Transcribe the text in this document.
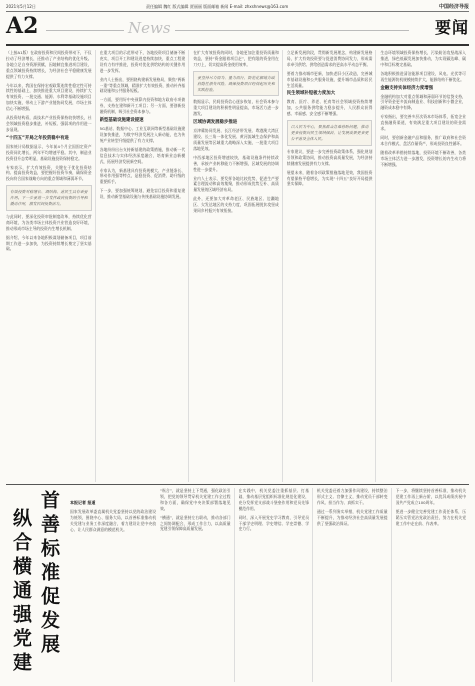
2021年5月12日	责任编辑 魏红 版式编辑 贾丽丽 版面邮箱 新闻 E-mail: zhxshnews@163.com	中国经济导报
A2	News	要闻

（上接A1版）在政府投资和民间投资带动下，不仅拉动了经济增长，还推动了产业结构的优化升级。各地立足自身资源禀赋，因地制宜推进项目建设，重点领域投资持续增长，为经济社会平稳健康发展提供了有力支撑。

今年以来，我国在保持宏观政策连续性稳定性可持续性的基础上，加快推进重大项目建设，持续扩大有效投资，一批交通、能源、水利等基础设施项目加快实施，带动上下游产业链协同发展，市场主体信心不断增强。

从投资结构看，高技术产业投资保持较快增长，社会领域投资稳步推进，补短板、强弱项的作用进一步显现。

“十四五”开局之年投资稳中有进

国家统计局数据显示，今年前4个月全国固定资产投资同比增长，两年平均增速平稳。其中，制造业投资回升态势明显，基础设施投资保持稳定。

专家表示，扩大有效投资，关键在于优化投资结构、提高投资效益，要把握好投资节奏，确保资金投向符合国家战略方向的重点领域和薄弱环节。

有效投资对稳增长、调结构、惠民生具有重要作用。下一步要进一步发挥政府投资的引导和撬动作用，激发民间投资活力。

与此同时，要深化投资审批制度改革，持续优化营商环境，为各类市场主体投资兴业营造良好环境，推动形成市场主导的投资内生增长机制。

据介绍，今年以来各地积极谋划储备项目，项目前期工作进一步加快，为投资持续增长奠定了坚实基础。

在重大项目的示范带动下，各地投资项目储备不断充实，项目开工和建设进度持续加快，重点工程建设有力有序推进，投资对优化供给结构的关键作用进一步发挥。

业内人士指出，要围绕构建新发展格局，聚焦“两新一重”等重点领域，精准扩大有效投资，推动补齐基础设施和公共服务短板。

一方面，要用好中央预算内投资和地方政府专项债券，支持在建和新开工项目；另一方面，要创新投融资机制，吸引社会资本参与。

新型基础设施建设提速

5G基站、数据中心、工业互联网等新型基础设施建设加快推进，为数字经济发展注入新动能，也为传统产业转型升级提供了有力支撑。

各地纷纷出台支持新基建的政策措施，推动新一代信息技术与实体经济深度融合，培育新业态新模式，拓展经济发展新空间。

专家认为，新基建具有投资规模大、产业链条长、带动作用强等特点，是稳投资、促消费、助升级的重要抓手。

下一步，要加强统筹规划，避免盲目投资和重复建设，推动新型基础设施与传统基础设施协调发展。

在扩大有效投资的同时，各地更加注重投资质量和效益，坚持“资金跟着项目走”，把有限的资金用在刀刃上，切实提高资金使用效率。

要坚持尽力而为、量力而行，防范化解地方政府隐性债务风险，确保投资项目经得起历史和实践检验。

数据显示，民间投资信心逐步恢复，社会资本参与重大项目建设的积极性明显提高，市场活力进一步激发。

区域协调发展稳步推进

京津冀协同发展、长江经济带发展、粤港澳大湾区建设、长三角一体化发展、黄河流域生态保护和高质量发展等区域重大战略深入实施，一批重大项目落地见效。

中西部地区投资增速较快，基础设施条件持续改善，承接产业转移能力不断增强，区域发展的协调性进一步提升。

业内人士表示，要发挥各地比较优势，促进生产要素合理流动和高效集聚，推动形成优势互补、高质量发展的区域经济布局。

此外，还要加大对革命老区、民族地区、边疆地区、欠发达地区的支持力度，巩固拓展脱贫攻坚成果同乡村振兴有效衔接。

立足新发展阶段，贯彻新发展理念，构建新发展格局，扩大有效投资要与促进消费协同发力，形成需求牵引供给、供给创造需求的更高水平动态平衡。

要着力推动城市更新，加快老旧小区改造，完善城市基础设施和公共服务设施，提升城市品质和居民生活质量。

民生领域补短板力度加大

教育、医疗、养老、托育等社会领域投资持续增加，公共服务供给能力稳步提升，人民群众获得感、幸福感、安全感不断增强。

以人民为中心，聚焦群众急难愁盼问题，推动更多投资向民生领域倾斜，让发展成果更多更公平惠及全体人民。

专家建议，要进一步完善投资政策体系，强化规划引领和政策协同，推动投资高质量发展，为经济持续健康发展提供有力支撑。

展望未来，随着各项政策措施落地见效，我国投资有望保持平稳增长，为实现“十四五”良好开局提供坚实保障。

生态环境领域投资保持增长，污染防治攻坚战深入推进，绿色低碳发展加快推动，为实现碳达峰、碳中和目标奠定基础。

各地积极推进清洁能源项目建设，风电、光伏等可再生能源装机规模持续扩大，能源结构不断优化。

金融支持实体经济力度增强

金融机构加大对重点领域和薄弱环节的信贷支持，引导资金更多流向制造业、科技创新和小微企业，融资成本稳中有降。

专家指出，要完善多层次资本市场体系，拓宽企业直接融资渠道，有效满足重大项目建设的资金需求。

同时，要创新金融产品和服务，推广政府和社会资本合作模式，盘活存量资产，形成投资良性循环。

随着改革举措持续落地，投资环境不断改善，各类市场主体活力进一步激发，投资增长的内生动力将不断增强。

首善标准促发展
纵合横通强党建
本报记者 报道

国家发展改革委直属机关党委坚持以党的政治建设为统领，围绕中心、服务大局，以首善标准推动机关党建与业务工作深度融合，着力建设让党中央放心、让人民群众满意的模范机关。

“纵合”，就是坚持上下贯通，强化政治引领，把党的领导贯穿机关党建工作全过程和各方面，确保党中央决策部署落地见效。

“横通”，就是坚持左右联动，推动各部门之间协调配合，形成工作合力，以高质量党建引领保障高质量发展。

在实践中，机关党委注重抓基层、打基础，推动基层党组织标准化规范化建设，充分发挥党支部战斗堡垒作用和党员先锋模范作用。

同时，深入开展党史学习教育，引导党员干部学史明理、学史增信、学史崇德、学史力行。

机关党委还着力加强作风建设，持续整治形式主义、官僚主义，推动党员干部转变作风、担当作为、真抓实干。

通过一系列务实举措，机关党建工作质量不断提升，为推动经济社会高质量发展提供了坚强政治保证。

下一步，将继续坚持首善标准，推动机关党建工作再上新台阶，以优异成绩庆祝中国共产党成立100周年。

要进一步健全完善党建工作责任体系，压紧压实管党治党政治责任，努力在机关党建工作中走在前、作表率。
